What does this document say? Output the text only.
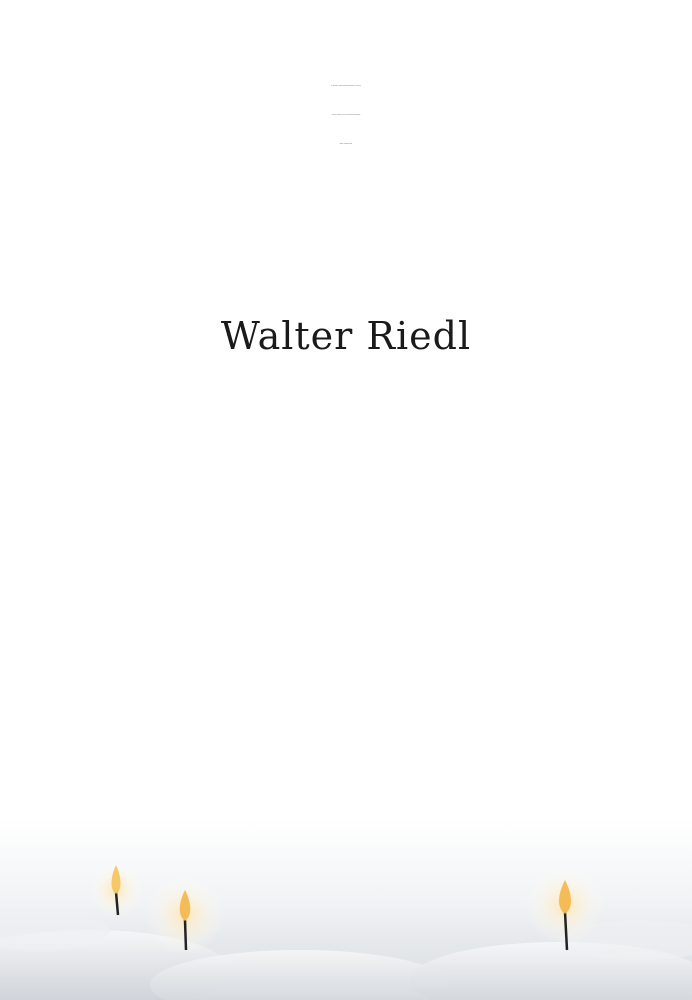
Es ist schwer, einen geliebten Menschen zu verlieren.
Jedoch zu wissen, wie viele ihn schätzten und gern
hatten, gibt uns Trost.
Walter Riedl
